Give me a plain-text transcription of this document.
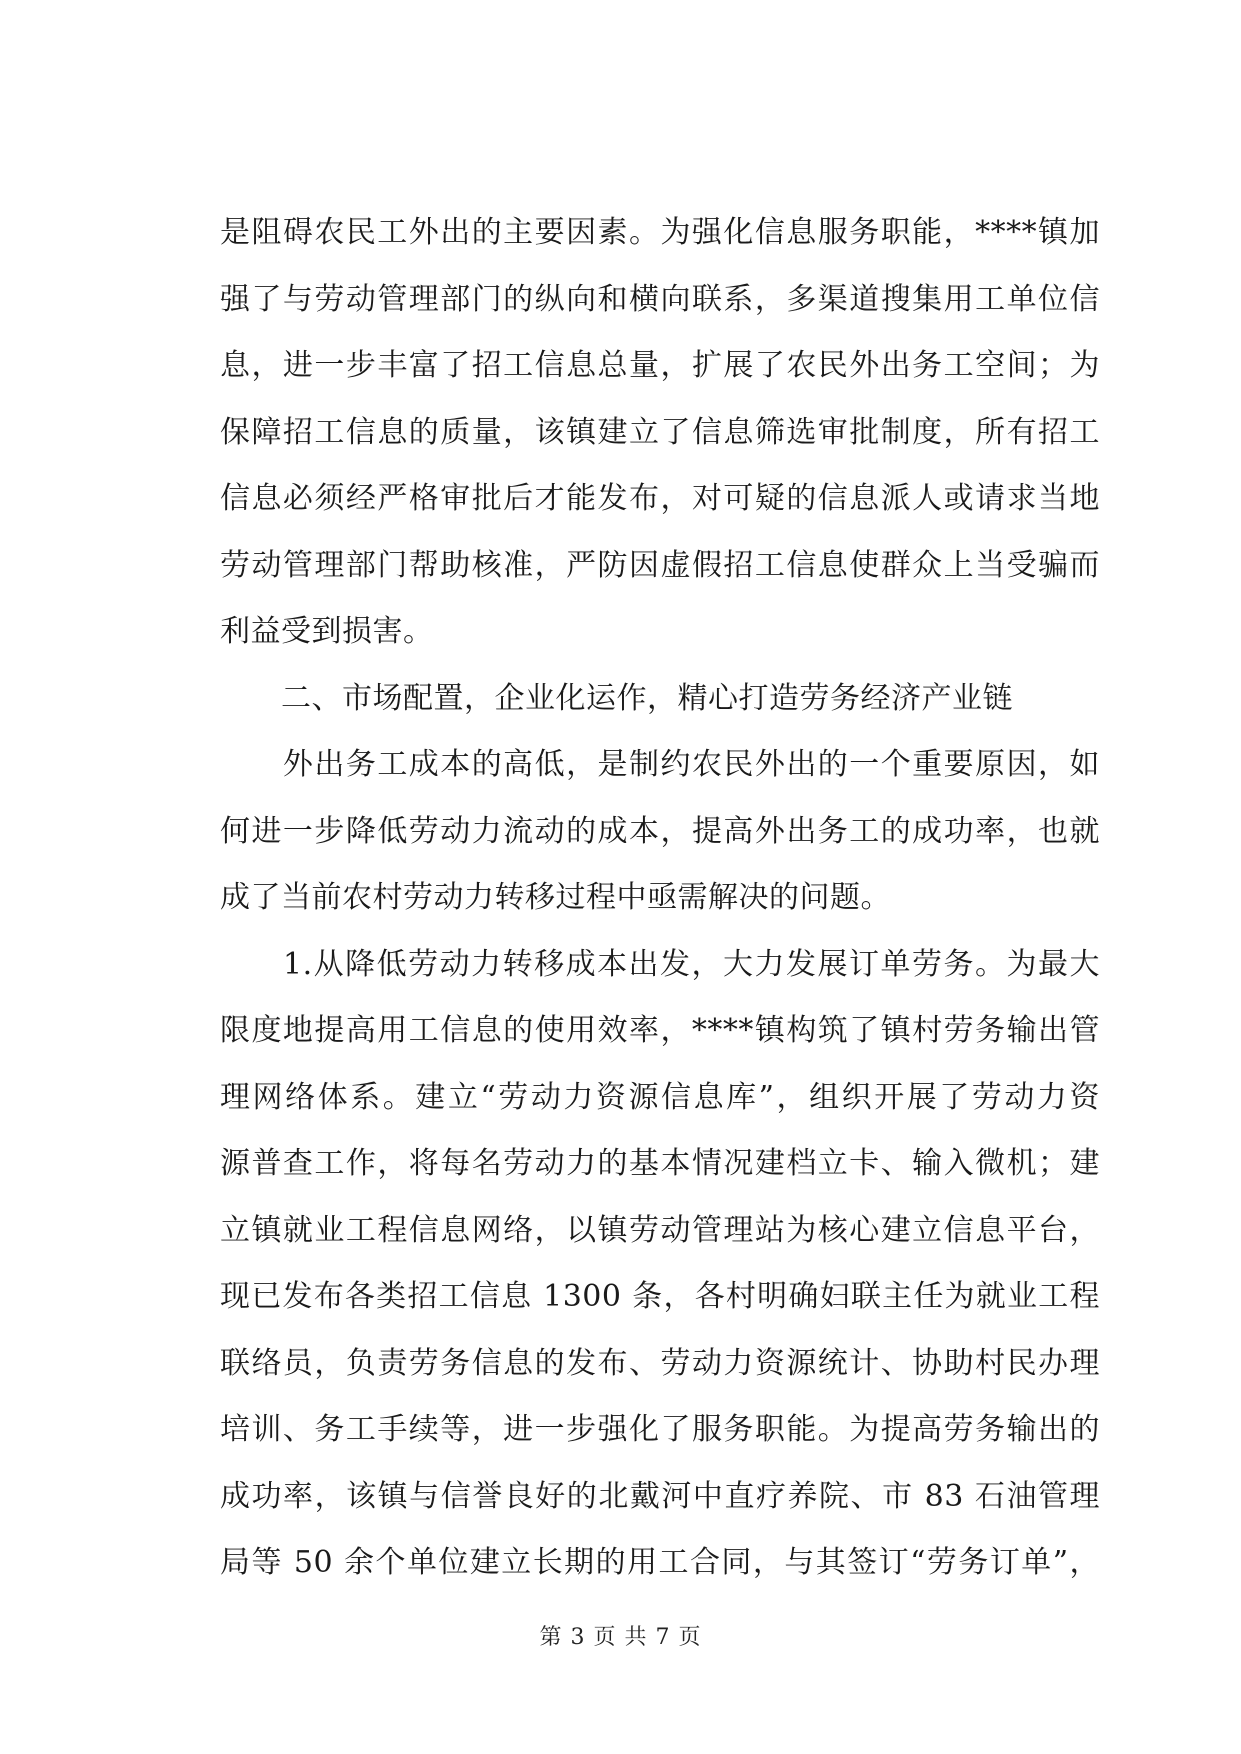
是阻碍农民工外出的主要因素。为强化信息服务职能，****镇加
强了与劳动管理部门的纵向和横向联系，多渠道搜集用工单位信
息，进一步丰富了招工信息总量，扩展了农民外出务工空间；为
保障招工信息的质量，该镇建立了信息筛选审批制度，所有招工
信息必须经严格审批后才能发布，对可疑的信息派人或请求当地
劳动管理部门帮助核准，严防因虚假招工信息使群众上当受骗而
利益受到损害。
　　二、市场配置，企业化运作，精心打造劳务经济产业链
　　外出务工成本的高低，是制约农民外出的一个重要原因，如
何进一步降低劳动力流动的成本，提高外出务工的成功率，也就
成了当前农村劳动力转移过程中亟需解决的问题。
　　1.从降低劳动力转移成本出发，大力发展订单劳务。为最大
限度地提高用工信息的使用效率，****镇构筑了镇村劳务输出管
理网络体系。建立“劳动力资源信息库”，组织开展了劳动力资
源普查工作，将每名劳动力的基本情况建档立卡、输入微机；建
立镇就业工程信息网络，以镇劳动管理站为核心建立信息平台，
现已发布各类招工信息 1300 条，各村明确妇联主任为就业工程
联络员，负责劳务信息的发布、劳动力资源统计、协助村民办理
培训、务工手续等，进一步强化了服务职能。为提高劳务输出的
成功率，该镇与信誉良好的北戴河中直疗养院、市 83 石油管理
局等 50 余个单位建立长期的用工合同，与其签订“劳务订单”，
第 3 页 共 7 页
